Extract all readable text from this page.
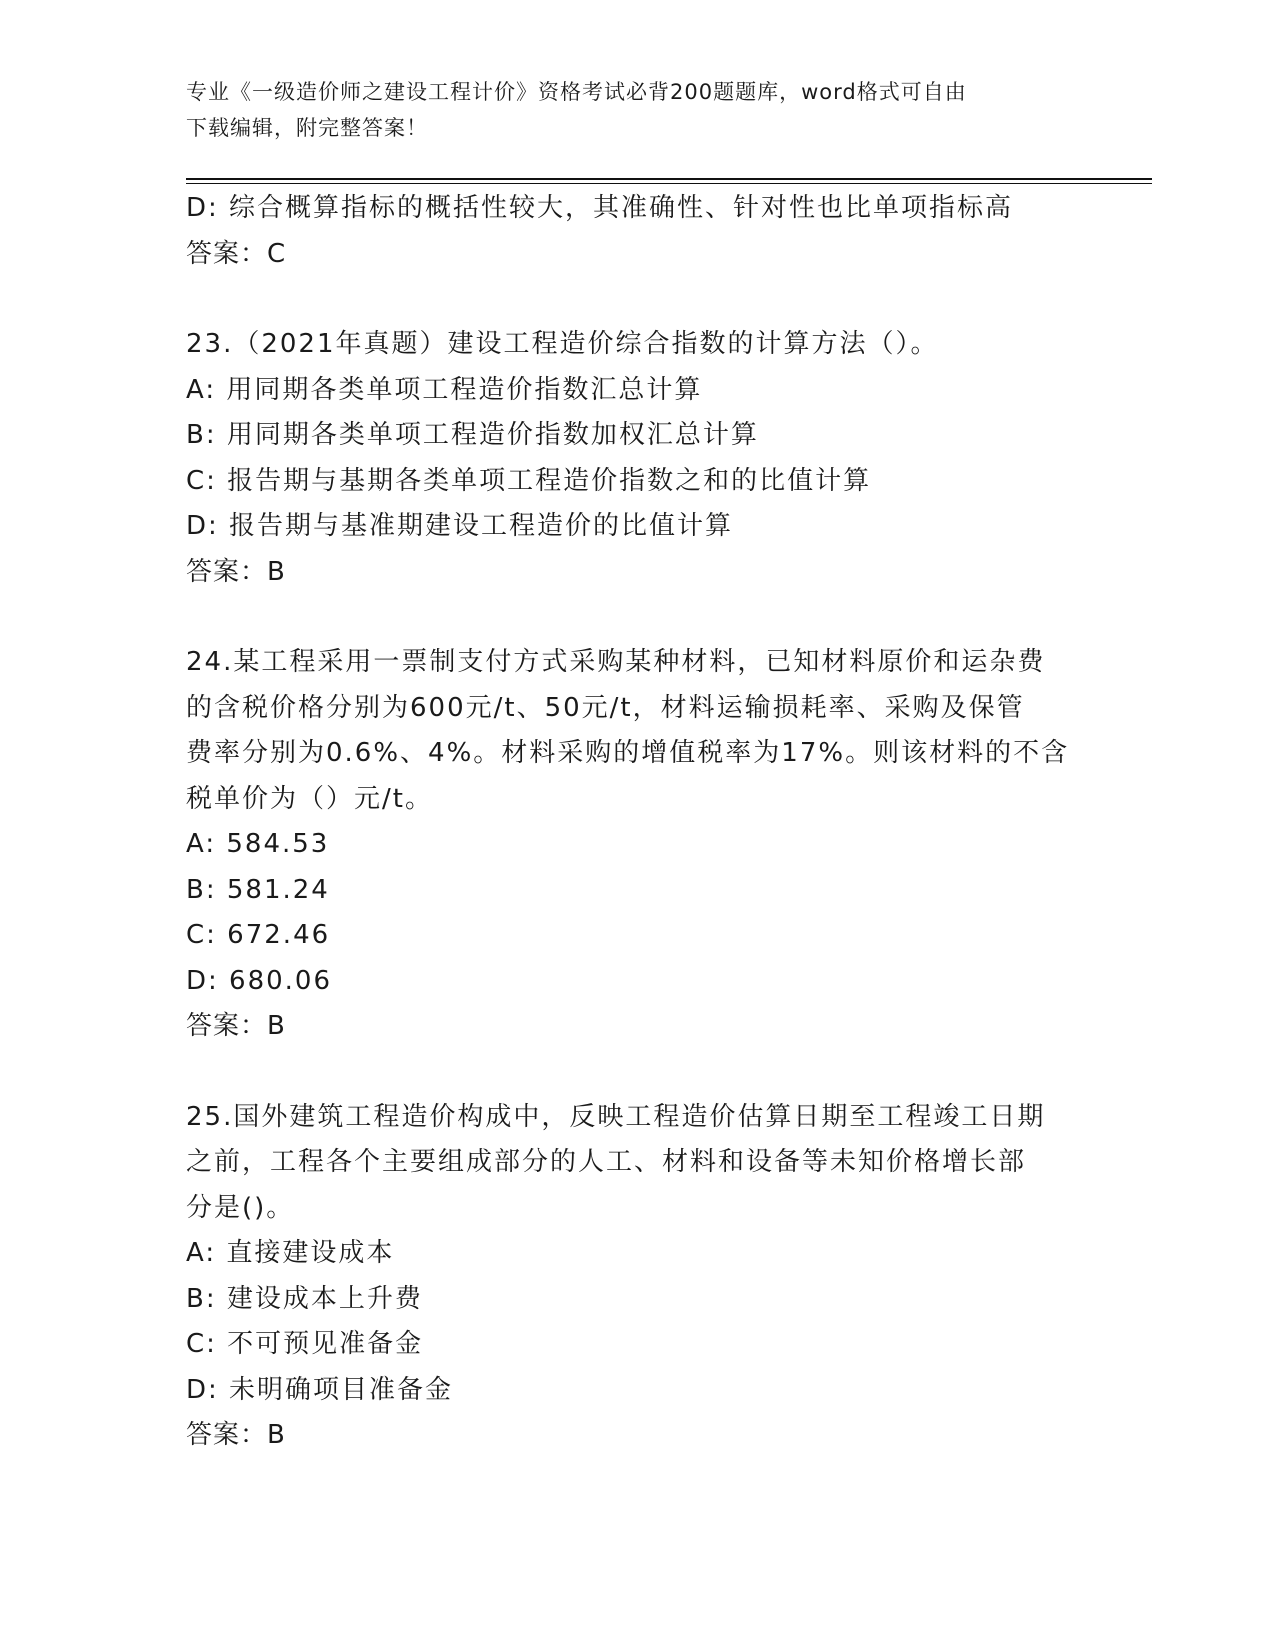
专业《一级造价师之建设工程计价》资格考试必背200题题库，word格式可自由
下载编辑，附完整答案！
D: 综合概算指标的概括性较大，其准确性、针对性也比单项指标高
答案：C
23.（2021年真题）建设工程造价综合指数的计算方法（）。
A: 用同期各类单项工程造价指数汇总计算
B: 用同期各类单项工程造价指数加权汇总计算
C: 报告期与基期各类单项工程造价指数之和的比值计算
D: 报告期与基准期建设工程造价的比值计算
答案：B
24.某工程采用一票制支付方式采购某种材料，已知材料原价和运杂费
的含税价格分别为600元/t、50元/t，材料运输损耗率、采购及保管
费率分别为0.6%、4%。材料采购的增值税率为17%。则该材料的不含
税单价为（）元/t。
A: 584.53
B: 581.24
C: 672.46
D: 680.06
答案：B
25.国外建筑工程造价构成中，反映工程造价估算日期至工程竣工日期
之前，工程各个主要组成部分的人工、材料和设备等未知价格增长部
分是()。
A: 直接建设成本
B: 建设成本上升费
C: 不可预见准备金
D: 未明确项目准备金
答案：B
